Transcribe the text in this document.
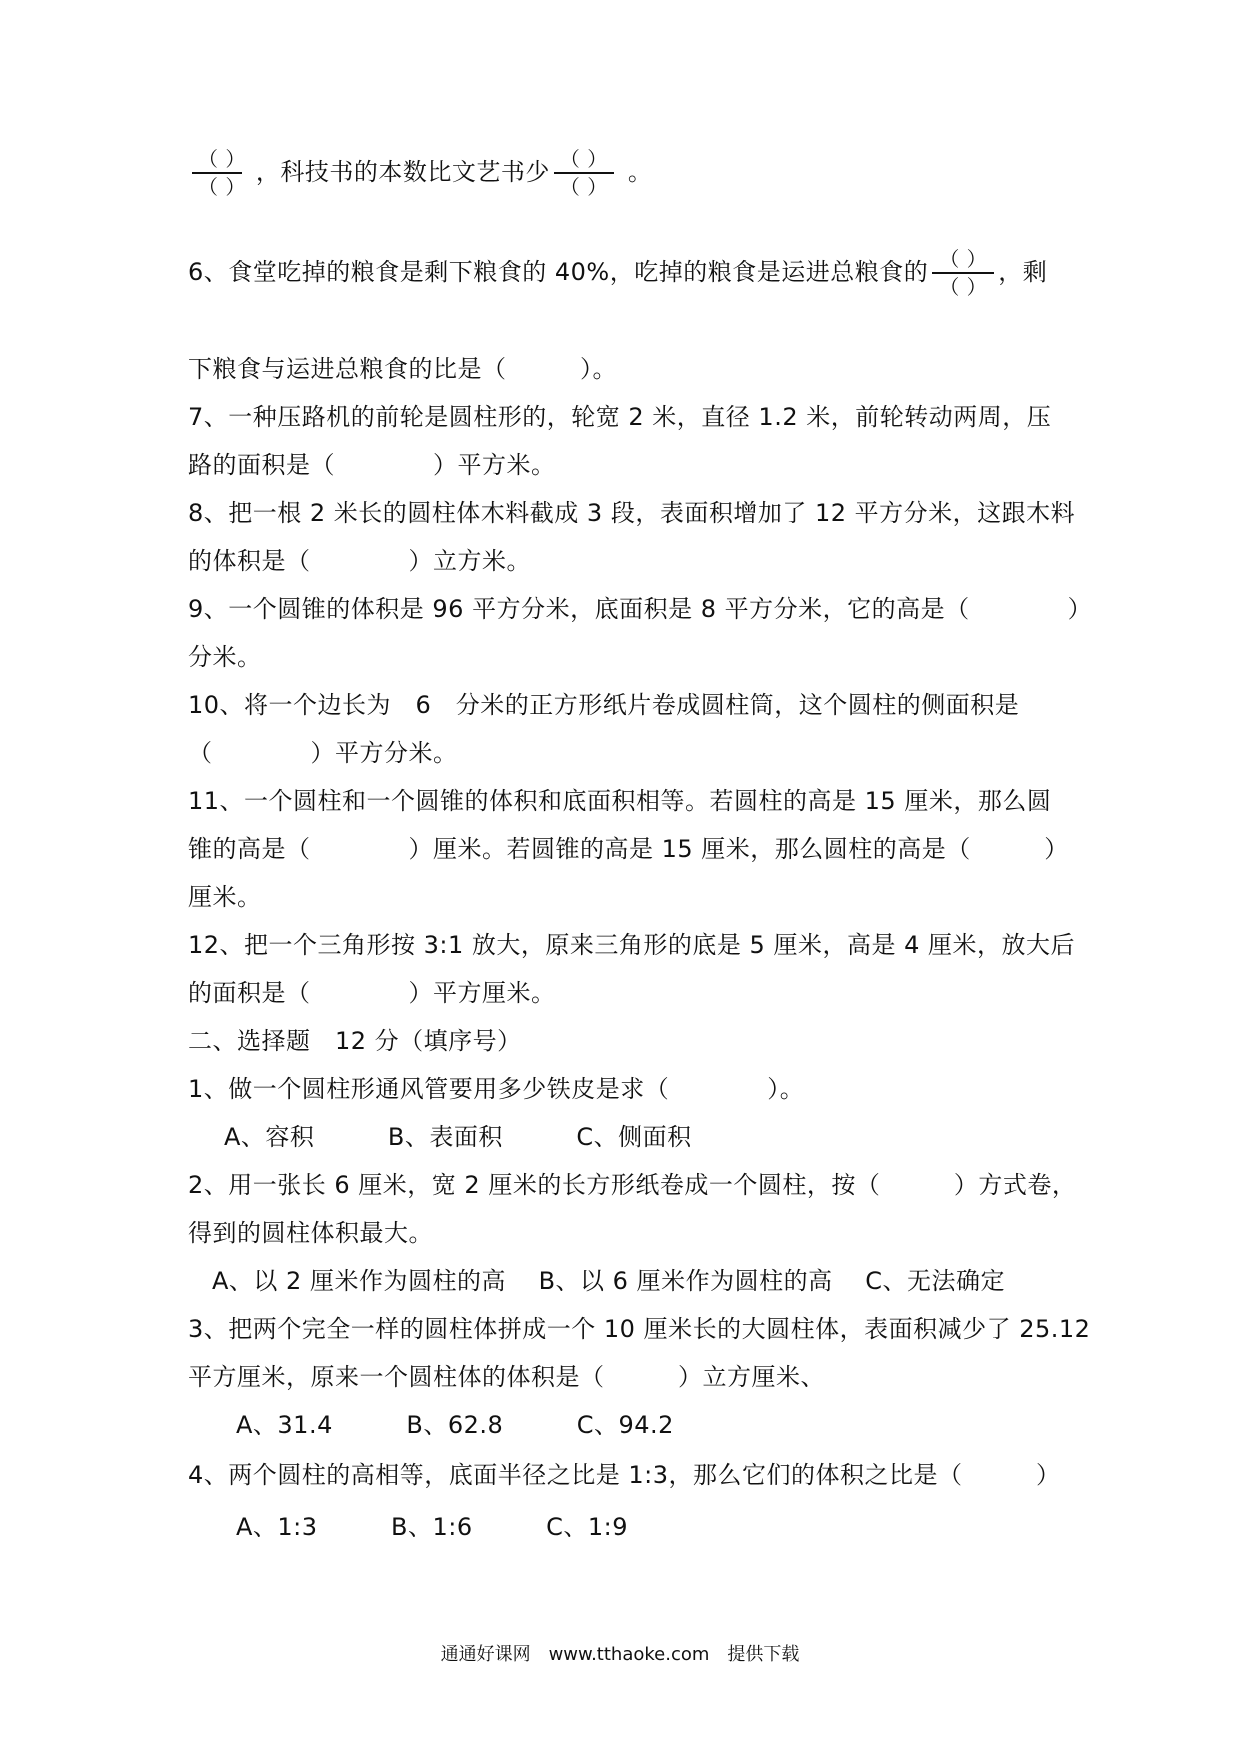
$\frac{( )}{( )}$ ，科技书的本数比文艺书少 $\frac{( )}{( )}$ 。
6、食堂吃掉的粮食是剩下粮食的 40%，吃掉的粮食是运进总粮食的 $\frac{( )}{( )}$ ，剩
下粮食与运进总粮食的比是（　　　）。
7、一种压路机的前轮是圆柱形的，轮宽 2 米，直径 1.2 米，前轮转动两周，压
路的面积是（　　　　）平方米。
8、把一根 2 米长的圆柱体木料截成 3 段，表面积增加了 12 平方分米，这跟木料
的体积是（　　　　）立方米。
9、一个圆锥的体积是 96 平方分米，底面积是 8 平方分米，它的高是（　　　　）
分米。
10、将一个边长为　6　分米的正方形纸片卷成圆柱筒，这个圆柱的侧面积是
（　　　　）平方分米。
11、一个圆柱和一个圆锥的体积和底面积相等。若圆柱的高是 15 厘米，那么圆
锥的高是（　　　　）厘米。若圆锥的高是 15 厘米，那么圆柱的高是（　　　）
厘米。
12、把一个三角形按 3:1 放大，原来三角形的底是 5 厘米，高是 4 厘米，放大后
的面积是（　　　　）平方厘米。
二、选择题　12 分（填序号）
1、做一个圆柱形通风管要用多少铁皮是求（　　　　）。
A、容积　　　B、表面积　　　C、侧面积
2、用一张长 6 厘米，宽 2 厘米的长方形纸卷成一个圆柱，按（　　　）方式卷，
得到的圆柱体积最大。
A、以 2 厘米作为圆柱的高　 B、以 6 厘米作为圆柱的高　 C、无法确定
3、把两个完全一样的圆柱体拼成一个 10 厘米长的大圆柱体，表面积减少了 25.12
平方厘米，原来一个圆柱体的体积是（　　　）立方厘米、
A、31.4　　　B、62.8　　　C、94.2
4、两个圆柱的高相等，底面半径之比是 1:3，那么它们的体积之比是（　　　）
A、1:3　　　B、1:6　　　C、1:9
通通好课网　www.tthaoke.com　提供下载
